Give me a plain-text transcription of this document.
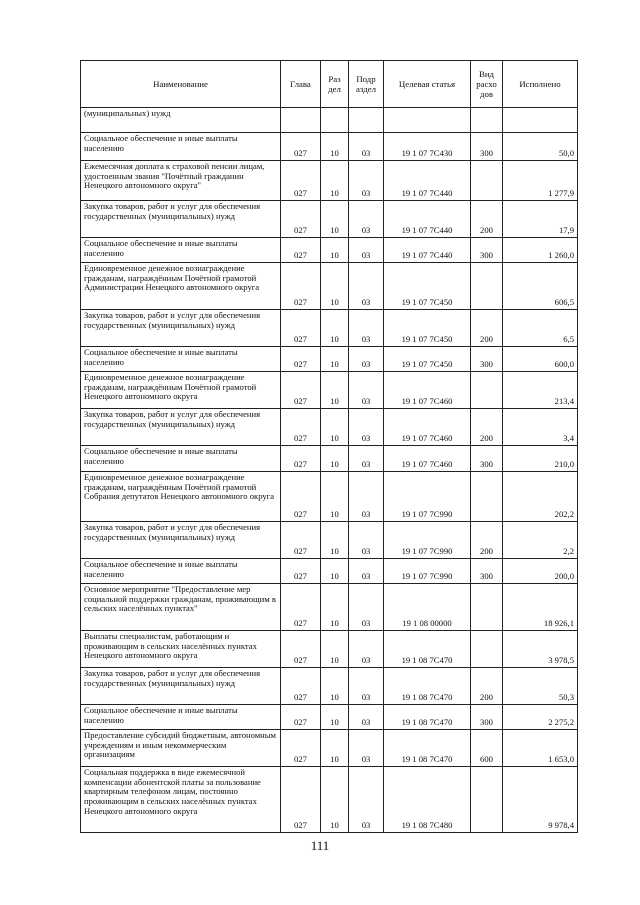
Наименование	Глава	Раз дел	Подр аздел	Целевая статья	Вид расхо дов	Исполнено
(муниципальных) нужд						
Социальное обеспечение и иные выплаты населению	027	10	03	19 1 07 7С430	300	50,0
Ежемесячная доплата к страховой пенсии лицам, удостоенным звания "Почётный гражданин Ненецкого автономного округа"	027	10	03	19 1 07 7С440		1 277,9
Закупка товаров, работ и услуг для обеспечения государственных (муниципальных) нужд	027	10	03	19 1 07 7С440	200	17,9
Социальное обеспечение и иные выплаты населению	027	10	03	19 1 07 7С440	300	1 260,0
Единовременное денежное вознаграждение гражданам, награждённым Почётной грамотой Администрации Ненецкого автономного округа	027	10	03	19 1 07 7С450		606,5
Закупка товаров, работ и услуг для обеспечения государственных (муниципальных) нужд	027	10	03	19 1 07 7С450	200	6,5
Социальное обеспечение и иные выплаты населению	027	10	03	19 1 07 7С450	300	600,0
Единовременное денежное вознаграждение гражданам, награждённым Почётной грамотой Ненецкого автономного округа	027	10	03	19 1 07 7С460		213,4
Закупка товаров, работ и услуг для обеспечения государственных (муниципальных) нужд	027	10	03	19 1 07 7С460	200	3,4
Социальное обеспечение и иные выплаты населению	027	10	03	19 1 07 7С460	300	210,0
Единовременное денежное вознаграждение гражданам, награждённым Почётной грамотой Собрания депутатов Ненецкого автономного округа	027	10	03	19 1 07 7С990		202,2
Закупка товаров, работ и услуг для обеспечения государственных (муниципальных) нужд	027	10	03	19 1 07 7С990	200	2,2
Социальное обеспечение и иные выплаты населению	027	10	03	19 1 07 7С990	300	200,0
Основное мероприятие "Предоставление мер социальной поддержки гражданам, проживающим в сельских населённых пунктах"	027	10	03	19 1 08 00000		18 926,1
Выплаты специалистам, работающим и проживающим в сельских населённых пунктах Ненецкого автономного округа	027	10	03	19 1 08 7С470		3 978,5
Закупка товаров, работ и услуг для обеспечения государственных (муниципальных) нужд	027	10	03	19 1 08 7С470	200	50,3
Социальное обеспечение и иные выплаты населению	027	10	03	19 1 08 7С470	300	2 275,2
Предоставление субсидий бюджетным, автономным учреждениям и иным некоммерческим организациям	027	10	03	19 1 08 7С470	600	1 653,0
Социальная поддержка в виде ежемесячной компенсации абонентской платы за пользование квартирным телефоном лицам, постоянно проживающим в сельских населённых пунктах Ненецкого автономного округа	027	10	03	19 1 08 7С480		9 978,4
111
